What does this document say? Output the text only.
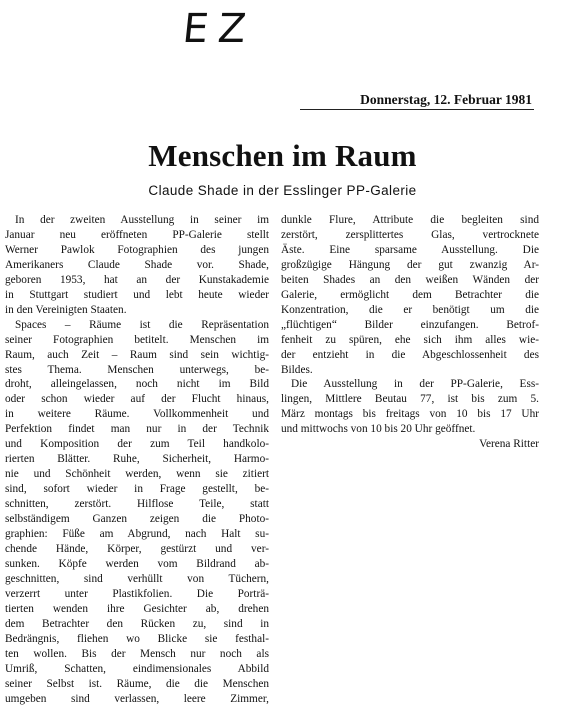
EZ
Donnerstag, 12. Februar 1981
Menschen im Raum
Claude Shade in der Esslinger PP-Galerie
In der zweiten Ausstellung in seiner im
Januar neu eröffneten PP-Galerie stellt
Werner Pawlok Fotographien des jungen
Amerikaners Claude Shade vor. Shade,
geboren 1953, hat an der Kunstakademie
in Stuttgart studiert und lebt heute wieder
in den Vereinigten Staaten.
Spaces – Räume ist die Repräsentation
seiner Fotographien betitelt. Menschen im
Raum, auch Zeit – Raum sind sein wichtig-
stes Thema. Menschen unterwegs, be-
droht, alleingelassen, noch nicht im Bild
oder schon wieder auf der Flucht hinaus,
in weitere Räume. Vollkommenheit und
Perfektion findet man nur in der Technik
und Komposition der zum Teil handkolo-
rierten Blätter. Ruhe, Sicherheit, Harmo-
nie und Schönheit werden, wenn sie zitiert
sind, sofort wieder in Frage gestellt, be-
schnitten, zerstört. Hilflose Teile, statt
selbständigem Ganzen zeigen die Photo-
graphien: Füße am Abgrund, nach Halt su-
chende Hände, Körper, gestürzt und ver-
sunken. Köpfe werden vom Bildrand ab-
geschnitten, sind verhüllt von Tüchern,
verzerrt unter Plastikfolien. Die Porträ-
tierten wenden ihre Gesichter ab, drehen
dem Betrachter den Rücken zu, sind in
Bedrängnis, fliehen wo Blicke sie festhal-
ten wollen. Bis der Mensch nur noch als
Umriß, Schatten, eindimensionales Abbild
seiner Selbst ist. Räume, die die Menschen
umgeben sind verlassen, leere Zimmer,
dunkle Flure, Attribute die begleiten sind
zerstört, zersplittertes Glas, vertrocknete
Äste. Eine sparsame Ausstellung. Die
großzügige Hängung der gut zwanzig Ar-
beiten Shades an den weißen Wänden der
Galerie, ermöglicht dem Betrachter die
Konzentration, die er benötigt um die
„flüchtigen“ Bilder einzufangen. Betrof-
fenheit zu spüren, ehe sich ihm alles wie-
der entzieht in die Abgeschlossenheit des
Bildes.
Die Ausstellung in der PP-Galerie, Ess-
lingen, Mittlere Beutau 77, ist bis zum 5.
März montags bis freitags von 10 bis 17 Uhr
und mittwochs von 10 bis 20 Uhr geöffnet.
Verena Ritter
